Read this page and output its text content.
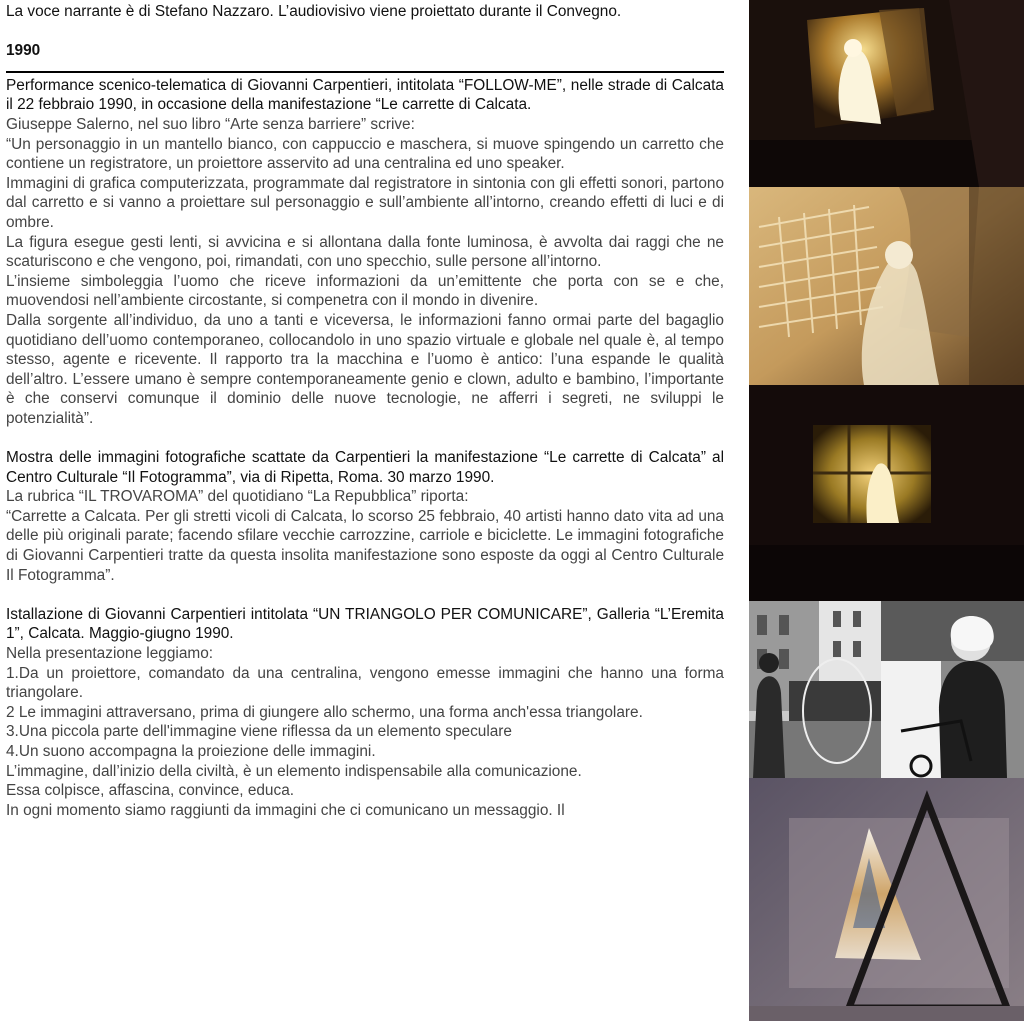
La voce narrante è di Stefano Nazzaro. L’audiovisivo viene proiettato durante il Convegno.

1990

Performance scenico-telematica di Giovanni Carpentieri, intitolata “FOLLOW-ME”, nelle strade di Calcata il 22 febbraio 1990, in occasione della manifestazione “Le carrette di Calcata.

Giuseppe Salerno, nel suo libro “Arte senza barriere” scrive:

“Un personaggio in un mantello bianco, con cappuccio e maschera, si muove spingendo un carretto che contiene un registratore, un proiettore asservito ad una centralina ed uno speaker.

Immagini di grafica computerizzata, programmate dal registratore in sintonia con gli effetti sonori, partono dal carretto e si vanno a proiettare sul personaggio e sull’ambiente all’intorno, creando effetti di luci e di ombre.

La figura esegue gesti lenti, si avvicina e si allontana dalla fonte luminosa, è avvolta dai raggi che ne scaturiscono e che vengono, poi, rimandati, con uno specchio, sulle persone all’intorno.

L’insieme simboleggia l’uomo che riceve informazioni da un’emittente che porta con se e che, muovendosi nell’ambiente circostante, si compenetra con il mondo in divenire.

Dalla sorgente all’individuo, da uno a tanti e viceversa, le informazioni fanno ormai parte del bagaglio quotidiano dell’uomo contemporaneo, collocandolo in uno spazio virtuale e globale nel quale è, al tempo stesso, agente e ricevente. Il rapporto tra la macchina e l’uomo è antico: l’una espande le qualità dell’altro. L’essere umano è sempre contemporaneamente genio e clown, adulto e bambino, l’importante è che conservi comunque il dominio delle nuove tecnologie, ne afferri i segreti, ne sviluppi le potenzialità”.

Mostra delle immagini fotografiche scattate da Carpentieri la manifestazione “Le carrette di Calcata” al Centro Culturale “Il Fotogramma”, via di Ripetta, Roma. 30 marzo 1990.

La rubrica “IL TROVAROMA” del quotidiano “La Repubblica” riporta:

“Carrette a Calcata. Per gli stretti vicoli di Calcata, lo scorso 25 febbraio, 40 artisti hanno dato vita ad una delle più originali parate; facendo sfilare vecchie carrozzine, carriole e biciclette. Le immagini fotografiche di Giovanni Carpentieri tratte da questa insolita manifestazione sono esposte da oggi al Centro Culturale Il Fotogramma”.

Istallazione di Giovanni Carpentieri intitolata “UN TRIANGOLO PER COMUNICARE”, Galleria “L’Eremita 1”, Calcata. Maggio-giugno 1990.

Nella presentazione leggiamo:

1.Da un proiettore, comandato da una centralina, vengono emesse immagini che hanno una forma triangolare.

2 Le immagini attraversano, prima di giungere allo schermo, una forma anch'essa triangolare.

3.Una piccola parte dell'immagine viene riflessa da un elemento speculare

4.Un suono accompagna la proiezione delle immagini.

L’immagine, dall’inizio della civiltà, è un elemento indispensabile alla comunicazione.

Essa colpisce, affascina, convince, educa.

In ogni momento siamo raggiunti da immagini che ci comunicano un messaggio. Il
